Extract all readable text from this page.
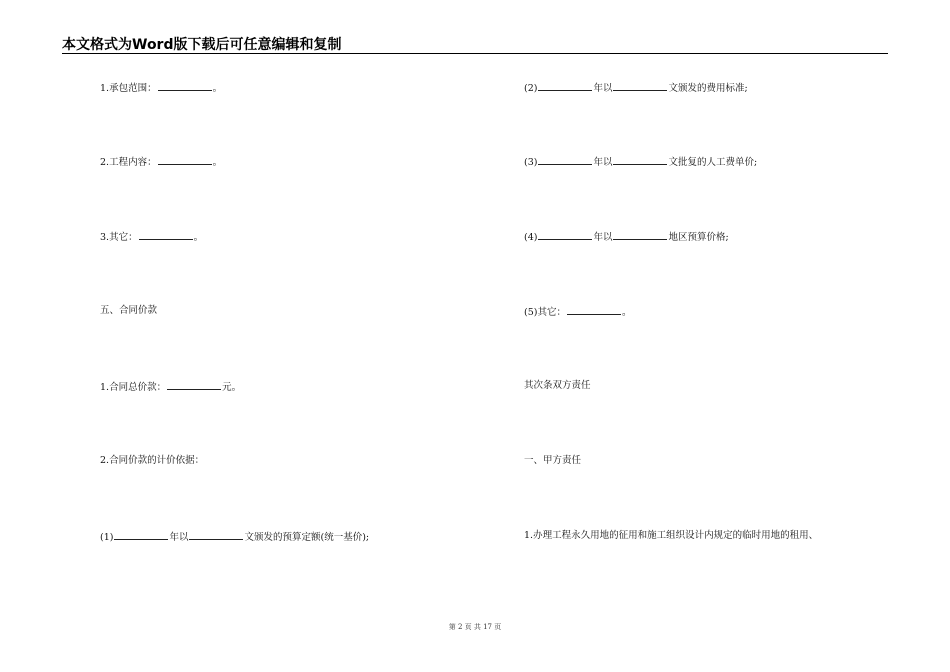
本文格式为Word版下载后可任意编辑和复制
1.承包范围：	。
2.工程内容：	。
3.其它：	。
五、合同价款
1.合同总价款：	元。
2.合同价款的计价依据：
(1)	年以	文颁发的预算定额(统一基价);
(2)	年以	文颁发的费用标准;
(3)	年以	文批复的人工费单价;
(4)	年以	地区预算价格;
(5)其它：	。
其次条双方责任
一、甲方责任
1.办理工程永久用地的征用和施工组织设计内规定的临时用地的租用、
第 2 页 共 17 页
